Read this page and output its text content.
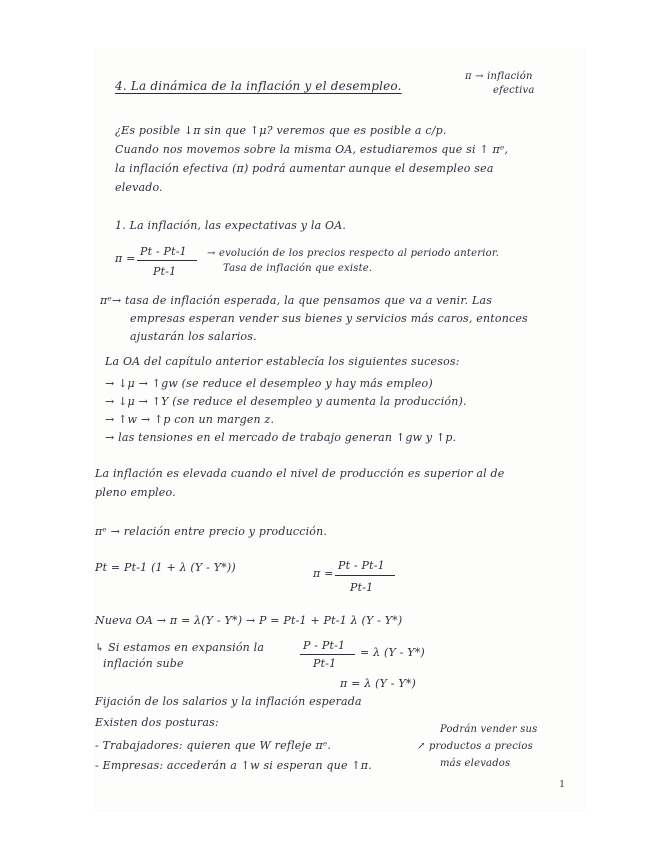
4. La dinámica de la inflación y el desempleo.
π → inflación
efectiva
¿Es posible ↓π sin que ↑μ? veremos que es posible a c/p.
Cuando nos movemos sobre la misma OA, estudiaremos que si ↑ πᵉ,
la inflación efectiva (π) podrá aumentar aunque el desempleo sea
elevado.
1. La inflación, las expectativas y la OA.
π =
Pt - Pt-1
Pt-1
→ evolución de los precios respecto al periodo anterior.
Tasa de inflación que existe.
πᵉ→ tasa de inflación esperada, la que pensamos que va a venir. Las
empresas esperan vender sus bienes y servicios más caros, entonces
ajustarán los salarios.
La OA del capítulo anterior establecía los siguientes sucesos:
→ ↓μ → ↑gw (se reduce el desempleo y hay más empleo)
→ ↓μ → ↑Y (se reduce el desempleo y aumenta la producción).
→ ↑w → ↑p con un margen z.
→ las tensiones en el mercado de trabajo generan ↑gw y ↑p.
La inflación es elevada cuando el nivel de producción es superior al de
pleno empleo.
πᵉ → relación entre precio y producción.
Pt = Pt-1 (1 + λ (Y - Y*))	π =
Pt - Pt-1
Pt-1
Nueva OA → π = λ(Y - Y*) → P = Pt-1 + Pt-1 λ (Y - Y*)
↳ Si estamos en expansión la
inflación sube
P - Pt-1
Pt-1
= λ (Y - Y*)
π = λ (Y - Y*)
Fijación de los salarios y la inflación esperada
Existen dos posturas:
- Trabajadores: quieren que W refleje πᵉ.
- Empresas: accederán a ↑w si esperan que ↑π.
Podrán vender sus
↗ productos a precios
más elevados
1
